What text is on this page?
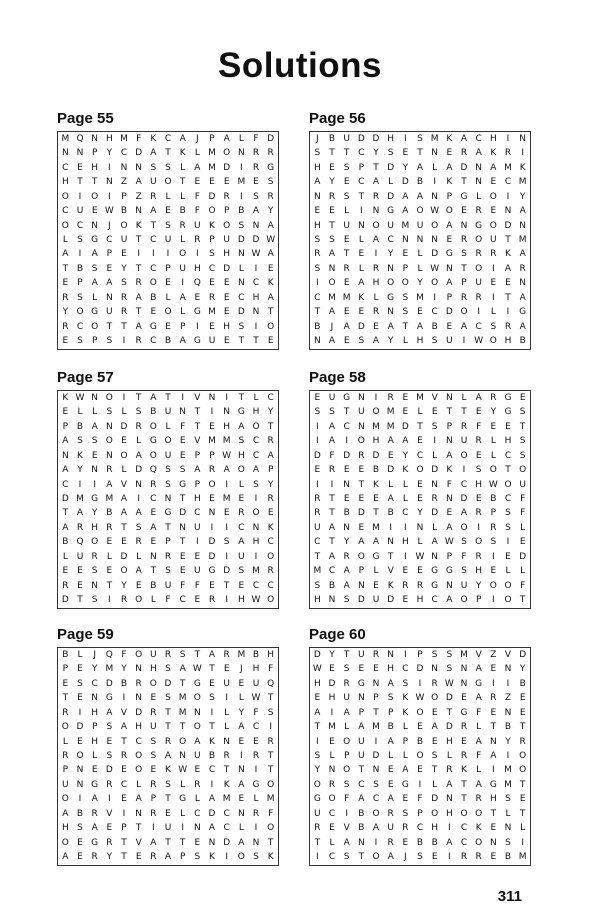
Solutions
Page 55
M Q N H M F	K C A	J	P A	L	F D
N N P	Y C D A T K	L M O N R R
C E H	I	N N S S	L	A M D	I	R G
H T	T N Z A U O T	E E E M E S
O	I	O	I	P Z R	L	L	F D R	I	S R
C U E W B N A E B F O P B A Y
O C N	J	O K T	S R U K O S N A
L	S G C U T C U L	R P U D D W
A	I	A P	E	I	I	I	O	I	S H N W A
T B S E	Y	T C P U H C D L	I	E
E	P A A S R O E	I	Q E E N C K
R S	L N R A B	L	A E R E C H A
Y O G U R T	E O L G M E D N T
R C O T	T A G E	P	I	E H S	I	O
E S	P	S	I	R C B A G U E	T	T	E
Page 56
J	B U D D H	I	S M K A C H	I	N
S	T	T C Y	S E	T N E R A K R	I
H E S	P	T D Y A	L	A D N A M K
A Y	E C A	L D B	I	K T N E C M
N R S	T R D A A N P G L O	I	Y
E E	L	I	N G A O W O E R E N A
H T U N O U M U O A N G O D N
S S E	L	A C N N N E R O U T M
R A T	E	I	Y	E	L D G S R R K A
S N R	L	R N P	L W N T O	I	A R
I	O E A H O O Y O A P U E E N
C M M K	L G S M	I	P R R	I	T A
T A E E R N S E C D O	I	L	I	G
B	J	A D E A T A B E A C S R A
N A E S A Y	L H S U	I W O H B
Page 57
K W N O	I	T A T	I	V N	I	T	L	C
E	L	L	S	L	S B U N T	I	N G H Y
P B A N D R O L	F	T	E H A O T
A S S O E	L G O E V M M S C R
N K E N O A O U E	P	P W H C A
A Y N R	L D Q S S A R A O A P
C	I	I	A V N R S G P O	I	L	S	Y
D M G M A	I	C N T H E M E	I	R
T A Y B A A E G D C N E R O E
A R H R T	S A T N U	I	I	C N K
B Q O E E R E	P	T	I	D S A H C
L U R	L D L N R E E D	I	U	I	O
E E S E O A T	S E U G D S M R
R E N T	Y	E B U F	F	E	T	E C C
D T	S	I	R O L	F C E R	I	H W O
Page 58
E U G N	I	R E M V N L	A R G E
S S	T U O M E	L	E	T	T	E	Y G S
I	A C N M M D T	S	P R F	E E	T
I	A	I	O H A A E	I	N U R	L H S
D F D R D E	Y C	L	A O E	L	C S
E R E E B D K O D K	I	S O T O
I	I	N T K	L	L	E N F C H W O U
R T	E E E A	L	E R N D E B C F
R T B D T B C Y D E A R P	S	F
U A N E M	I	I	N L	A O	I	R S	L
C T	Y A A N H L	A W S O S	I	E
T A R O G T	I W N P	F R	I	E D
M C A P	L	V E E G G S H E	L	L
S B A N E K R R G N U Y O O F
H N S D U D E H C A O P	I	O T
Page 59
B	L	J	Q F O U R S	T A R M B H
P	E	Y M Y N H S A W T	E	J	H F
E S C D B R O D T G E U E U Q
T	E N G	I	N E S M O S	I	L W T
R	I	H A V D R T M N	I	L	Y	F	S
O D P	S A H U T	T O T	L	A C	I
L	E H E	T C S R O A K N E E R
R O L	S R O S A N U B R	I	R T
P N E D E O E K W E C T N	I	T
U N G R C	L	R S	L	R	I	K A G O
O	I	A	I	E A P	T G L	A M E	L M
A B R V	I	N R E	L	C D C N R F
H S A E	P	T	I	U	I	N A C	L	I	O
O E G R T V A T	T	E N D A N T
A E R Y	T	E R A P	S K	I	O S K
Page 60
D Y	T U R N	I	P	S S M V Z V D
W E S E E H C D N S N A E N Y
H D R G N A S	I	R W N G	I	I	B
E H U N P	S K W O D E A R Z E
A	I	A P	T	P	K O E	T G F	E N E
T M L	A M B	L	E A D R	L	T B T
I	E O U	I	A P B E H E A N Y R
S	L	P U D L	L O S	L	R F A	I	O
Y N O T N E A E	T R K	L	I	M O
O R S C S E G	I	L	A T A G M T
G O F A C A E	F D N T R H S E
U C	I	B O R S	P O H O O T	L	T
R E V B A U R C H	I	C K E N L
T	L	A N	I	R E B B A C O N S	I
I	C S	T O A	J	S E	I	R R E B M
311
